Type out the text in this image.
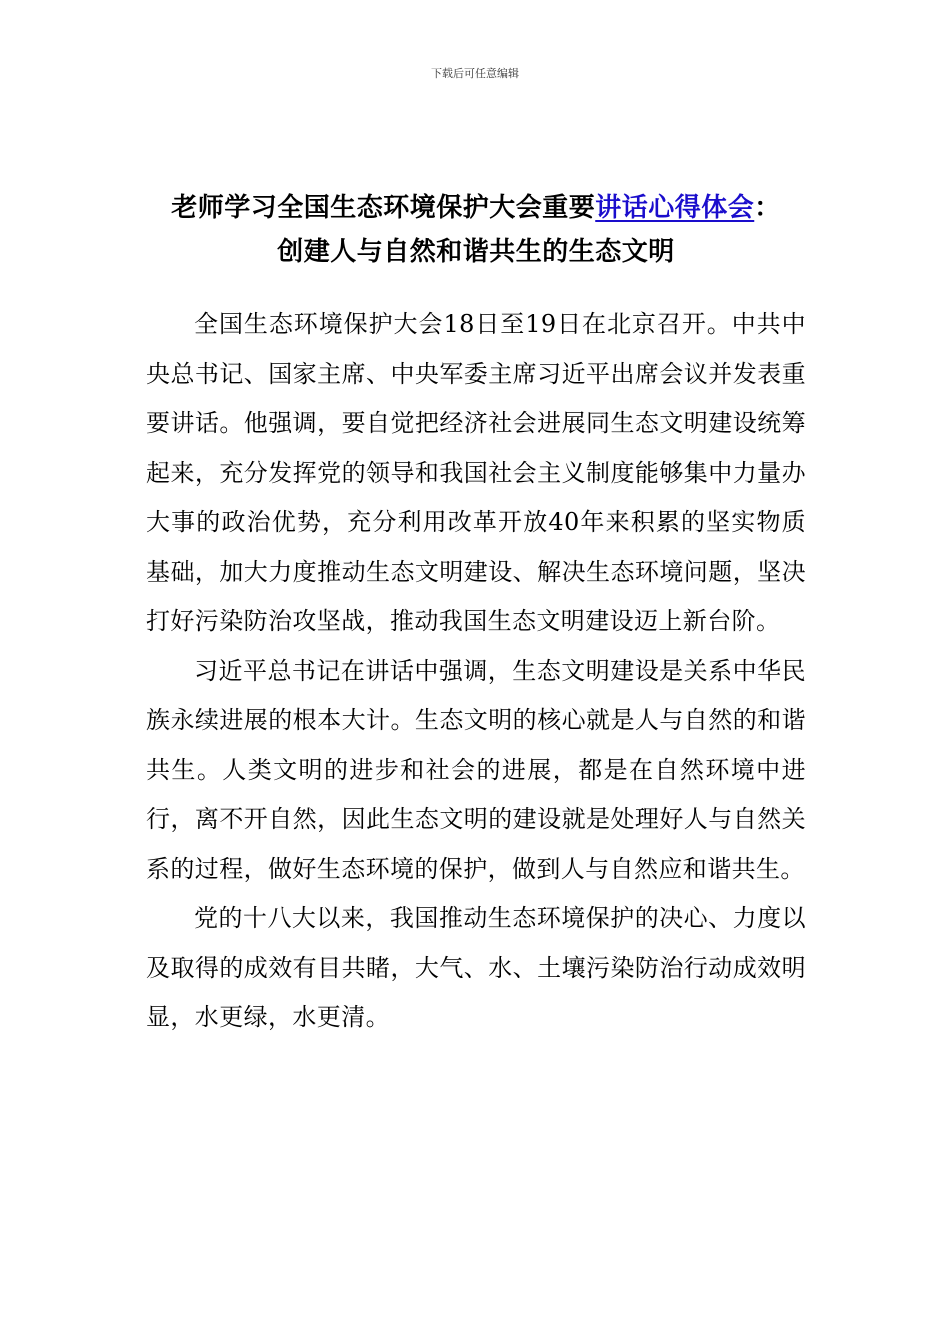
下载后可任意编辑
老师学习全国生态环境保护大会重要讲话心得体会：
创建人与自然和谐共生的生态文明

全国生态环境保护大会18日至19日在北京召开。中共中央总书记、国家主席、中央军委主席习近平出席会议并发表重要讲话。他强调，要自觉把经济社会进展同生态文明建设统筹起来，充分发挥党的领导和我国社会主义制度能够集中力量办大事的政治优势，充分利用改革开放40年来积累的坚实物质基础，加大力度推动生态文明建设、解决生态环境问题，坚决打好污染防治攻坚战，推动我国生态文明建设迈上新台阶。

习近平总书记在讲话中强调，生态文明建设是关系中华民族永续进展的根本大计。生态文明的核心就是人与自然的和谐共生。人类文明的进步和社会的进展，都是在自然环境中进行，离不开自然，因此生态文明的建设就是处理好人与自然关系的过程，做好生态环境的保护，做到人与自然应和谐共生。

党的十八大以来，我国推动生态环境保护的决心、力度以及取得的成效有目共睹，大气、水、土壤污染防治行动成效明显，水更绿，水更清。
